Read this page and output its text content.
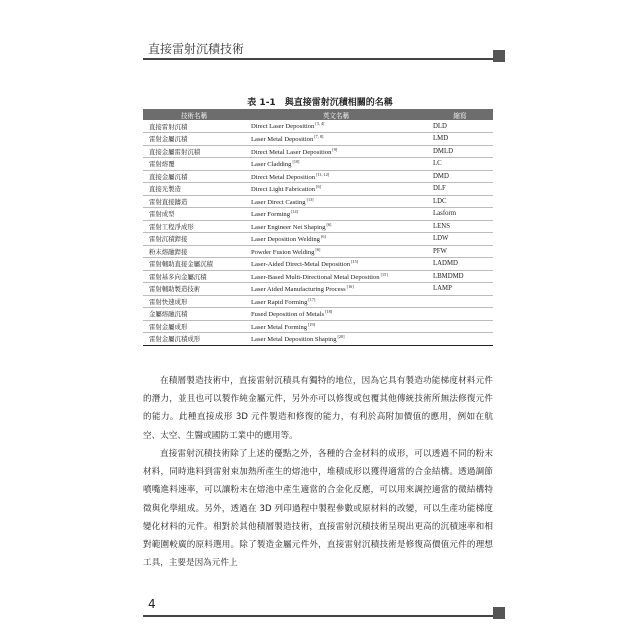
直接雷射沉積技術
表 1-1　與直接雷射沉積相關的名稱
技術名稱	英文名稱	縮寫
直接雷射沉積	Direct Laser Deposition[3, 4]	DLD
雷射金屬沉積	Laser Metal Deposition[7, 8]	LMD
直接金屬雷射沉積	Direct Metal Laser Deposition[9]	DMLD
雷射熔覆	Laser Cladding[10]	LC
直接金屬沉積	Direct Metal Deposition[11, 12]	DMD
直接光製造	Direct Light Fabrication[6]	DLF
雷射直接鑄造	Laser Direct Casting[13]	LDC
雷射成型	Laser Forming[14]	Lasform
雷射工程淨成形	Laser Engineer Net Shaping[6]	LENS
雷射沉積銲接	Laser Deposition Welding[6]	LDW
粉末熔融銲接	Powder Fusion Welding[6]	PFW
雷射輔助直接金屬沉積	Laser-Aided Direct-Metal Deposition[15]	LADMD
雷射基多向金屬沉積	Laser-Based Multi-Directional Metal Deposition[15]	LBMDMD
雷射輔助製造技術	Laser Aided Manufacturing Process[16]	LAMP
雷射快速成形	Laser Rapid Forming[17]	
金屬熔融沉積	Fused Deposition of Metals[18]	
雷射金屬成形	Laser Metal Forming[19]	
雷射金屬沉積成形	Laser Metal Deposition Shaping[20]	

在積層製造技術中，直接雷射沉積具有獨特的地位，因為它具有製造功能梯度材料元件的潛力，並且也可以製作純金屬元件，另外亦可以修復或包覆其他傳統技術所無法修復元件的能力。此種直接成形 3D 元件製造和修復的能力，有利於高附加價值的應用，例如在航空、太空、生醫或國防工業中的應用等。

直接雷射沉積技術除了上述的優點之外，各種的合金材料的成形，可以透過不同的粉末材料，同時進料到雷射束加熱所產生的熔池中，堆積成形以獲得適當的合金結構。透過調節噴嘴進料速率，可以讓粉末在熔池中產生適當的合金化反應，可以用來調控適當的微結構特徵與化學組成。另外，透過在 3D 列印過程中製程參數或原材料的改變，可以生產功能梯度變化材料的元件。相對於其他積層製造技術，直接雷射沉積技術呈現出更高的沉積速率和相對範圍較廣的原料選用。除了製造金屬元件外，直接雷射沉積技術是修復高價值元件的理想工具，主要是因為元件上

4
